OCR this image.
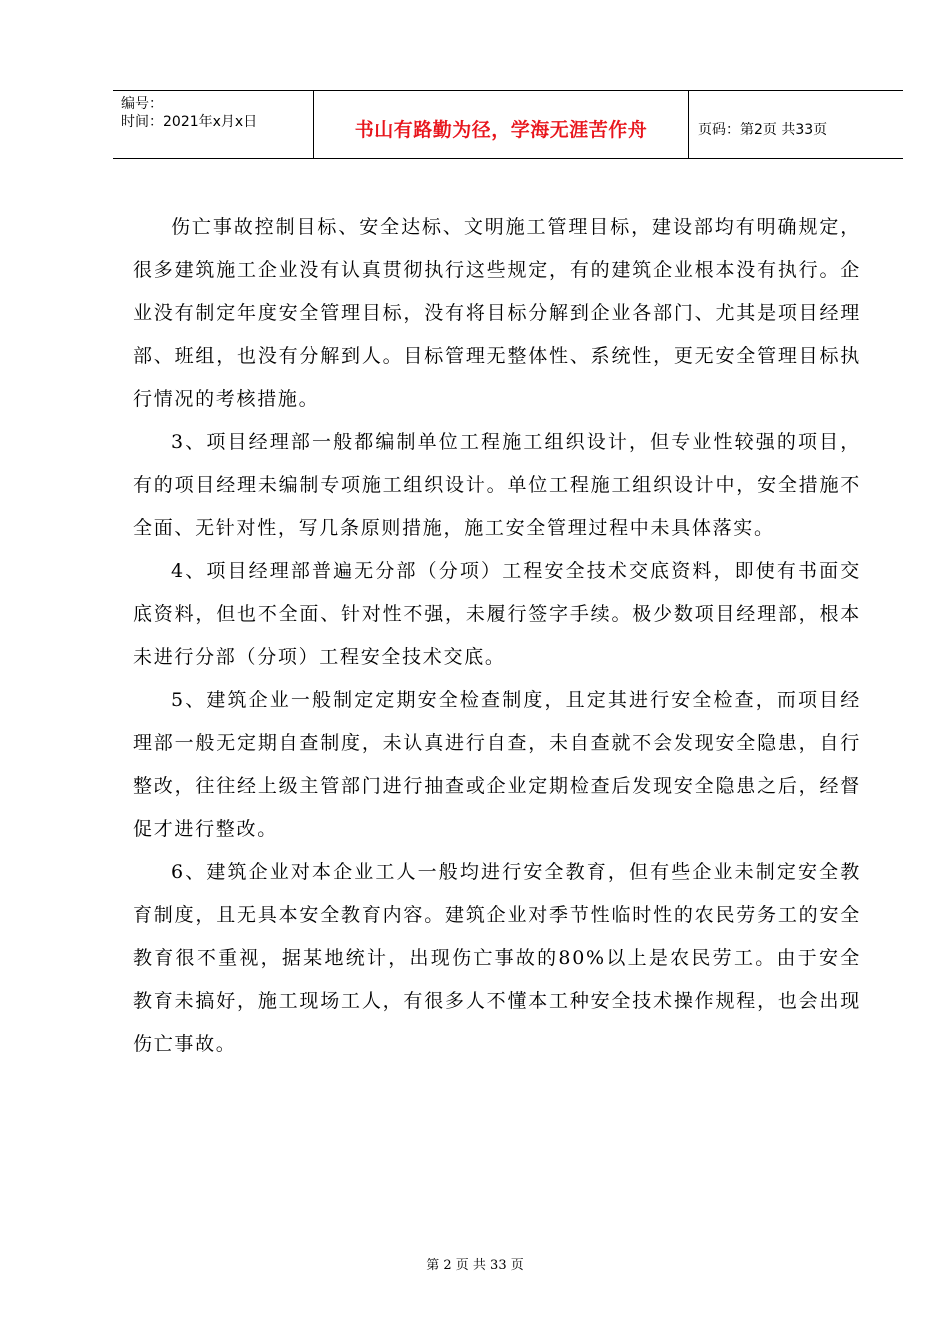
编号：
时间：2021年x月x日	书山有路勤为径，学海无涯苦作舟	页码：第2页 共33页

伤亡事故控制目标、安全达标、文明施工管理目标，建设部均有明确规定，很多建筑施工企业没有认真贯彻执行这些规定，有的建筑企业根本没有执行。企业没有制定年度安全管理目标，没有将目标分解到企业各部门、尤其是项目经理部、班组，也没有分解到人。目标管理无整体性、系统性，更无安全管理目标执行情况的考核措施。

3、项目经理部一般都编制单位工程施工组织设计，但专业性较强的项目，有的项目经理未编制专项施工组织设计。单位工程施工组织设计中，安全措施不全面、无针对性，写几条原则措施，施工安全管理过程中未具体落实。

4、项目经理部普遍无分部（分项）工程安全技术交底资料，即使有书面交底资料，但也不全面、针对性不强，未履行签字手续。极少数项目经理部，根本未进行分部（分项）工程安全技术交底。

5、建筑企业一般制定定期安全检查制度，且定其进行安全检查，而项目经理部一般无定期自查制度，未认真进行自查，未自查就不会发现安全隐患，自行整改，往往经上级主管部门进行抽查或企业定期检查后发现安全隐患之后，经督促才进行整改。

6、建筑企业对本企业工人一般均进行安全教育，但有些企业未制定安全教育制度，且无具本安全教育内容。建筑企业对季节性临时性的农民劳务工的安全教育很不重视，据某地统计，出现伤亡事故的80%以上是农民劳工。由于安全教育未搞好，施工现场工人，有很多人不懂本工种安全技术操作规程，也会出现伤亡事故。

第 2 页 共 33 页
